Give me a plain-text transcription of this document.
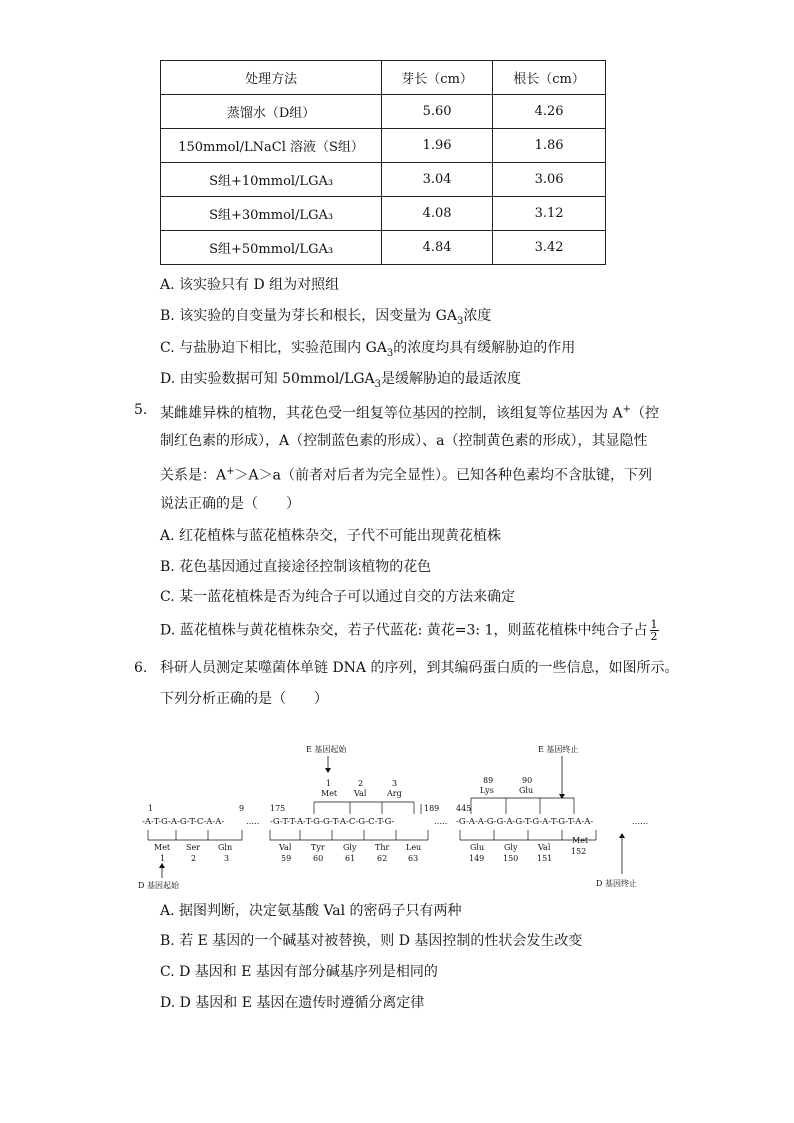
处理方法	芽长（cm）	根长（cm）
蒸馏水（D组）	5.60	4.26
150mmol/LNaCl 溶液（S组）	1.96	1.86
S组+10mmol/LGA₃	3.04	3.06
S组+30mmol/LGA₃	4.08	3.12
S组+50mmol/LGA₃	4.84	3.42
A. 该实验只有 D 组为对照组
B. 该实验的自变量为芽长和根长，因变量为 $GA_3$浓度
C. 与盐胁迫下相比，实验范围内 $GA_3$的浓度均具有缓解胁迫的作用
D. 由实验数据可知 $50mmol/LGA_3$是缓解胁迫的最适浓度
5. 某雌雄异株的植物，其花色受一组复等位基因的控制，该组复等位基因为 A+（控
制红色素的形成），A（控制蓝色素的形成）、a（控制黄色素的形成），其显隐性
关系是：A+＞A＞a（前者对后者为完全显性）。已知各种色素均不含肽键，下列
说法正确的是（　　）
A. 红花植株与蓝花植株杂交，子代不可能出现黄花植株
B. 花色基因通过直接途径控制该植物的花色
C. 某一蓝花植株是否为纯合子可以通过自交的方法来确定
D. 蓝花植株与黄花植株杂交，若子代蓝花: 黄花=3: 1，则蓝花植株中纯合子占 $\frac{1}{2}$
6. 科研人员测定某噬菌体单链 DNA 的序列，到其编码蛋白质的一些信息，如图所示。
下列分析正确的是（　　）
E 基因起始	E 基因终止
1
Met
2
Val
3
Arg
89
Lys
90
Glu
1	9	175	189 445
-A-T-G-A-G-T-C-A-A-	..... -G-T-T-A-T-G-G-T-A-C-G-C-T-G-	..... -G-A-A-G-G-A-G-T-G-A-T-G-T-A-A-	......
Met
1
Ser
2
Gln
3
Val
59
Tyr
60
Gly
61
Thr
62
Leu
63
Glu
149
Gly
150
Val
151
Met
152
D 基因起始	D 基因终止
A. 据图判断，决定氨基酸 Val 的密码子只有两种
B. 若 E 基因的一个碱基对被替换，则 D 基因控制的性状会发生改变
C. D 基因和 E 基因有部分碱基序列是相同的
D. D 基因和 E 基因在遗传时遵循分离定律
